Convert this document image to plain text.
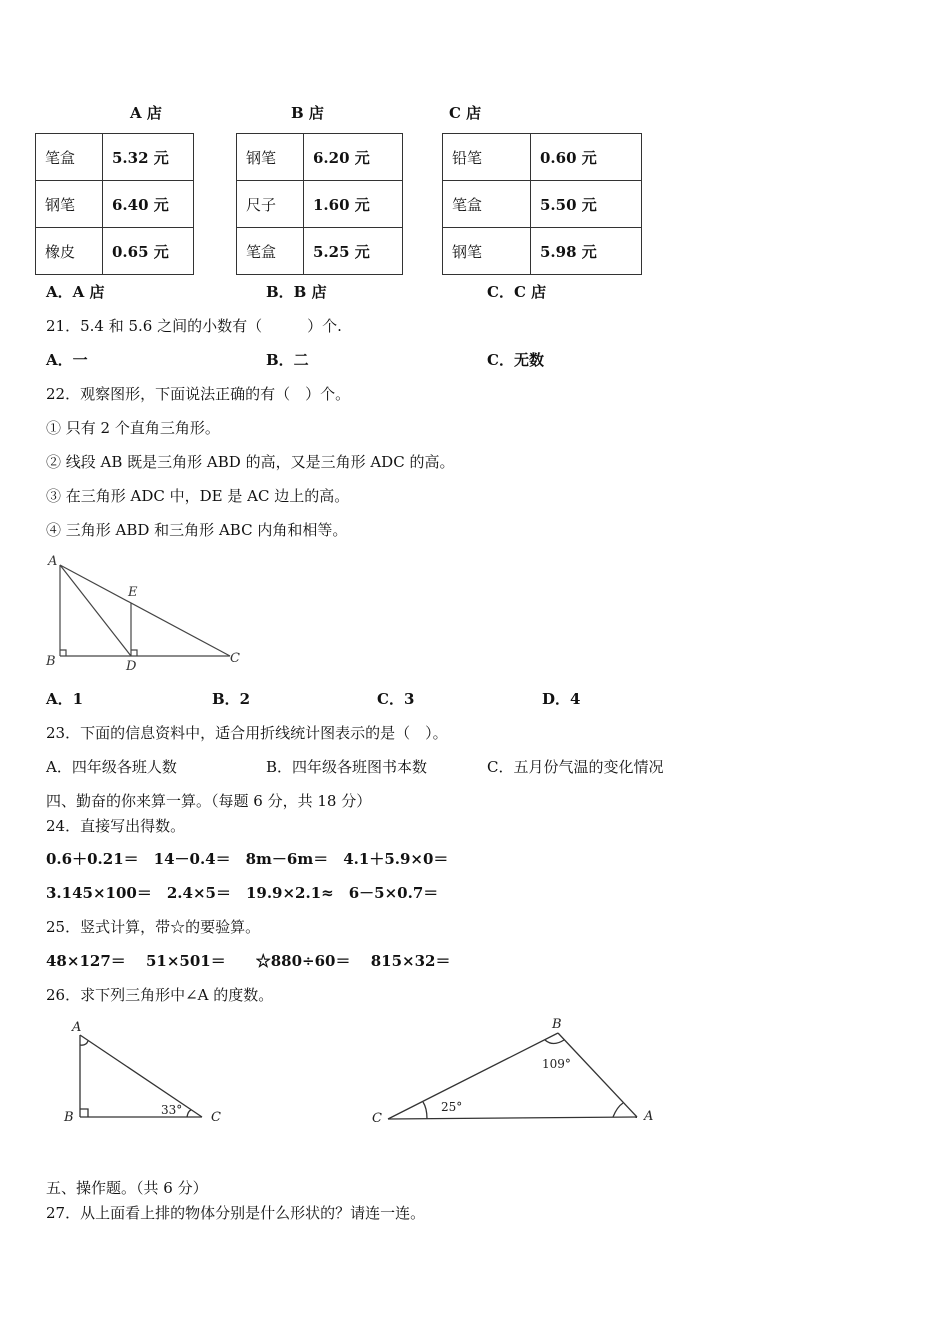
A 店	B 店	C 店
笔盒	5.32 元
钢笔	6.40 元
橡皮	0.65 元
钢笔	6.20 元
尺子	1.60 元
笔盒	5.25 元
铅笔	0.60 元
笔盒	5.50 元
钢笔	5.98 元
A．A 店	B．B 店	C．C 店
21．5.4 和 5.6 之间的小数有（　　　）个.
A．一	B．二	C．无数
22．观察图形，下面说法正确的有（　）个。
① 只有 2 个直角三角形。
② 线段 AB 既是三角形 ABD 的高，又是三角形 ADC 的高。
③ 在三角形 ADC 中，DE 是 AC 边上的高。
④ 三角形 ABD 和三角形 ABC 内角和相等。
A
B	D
E
C
A．1	B．2	C．3	D．4
23．下面的信息资料中，适合用折线统计图表示的是（　）。
A．四年级各班人数	B．四年级各班图书本数	C．五月份气温的变化情况
四、勤奋的你来算一算。（每题 6 分，共 18 分）
24．直接写出得数。
0.6＋0.21＝　14－0.4＝　8m－6m＝　4.1＋5.9×0＝
3.145×100＝　2.4×5＝　19.9×2.1≈　6－5×0.7＝
25．竖式计算，带☆的要验算。
48×127＝　 51×501＝　　☆880÷60＝　 815×32＝
26．求下列三角形中∠A 的度数。
A
B	C
33°
B
C	A
109°
25°
五、操作题。（共 6 分）
27．从上面看上排的物体分别是什么形状的？请连一连。
